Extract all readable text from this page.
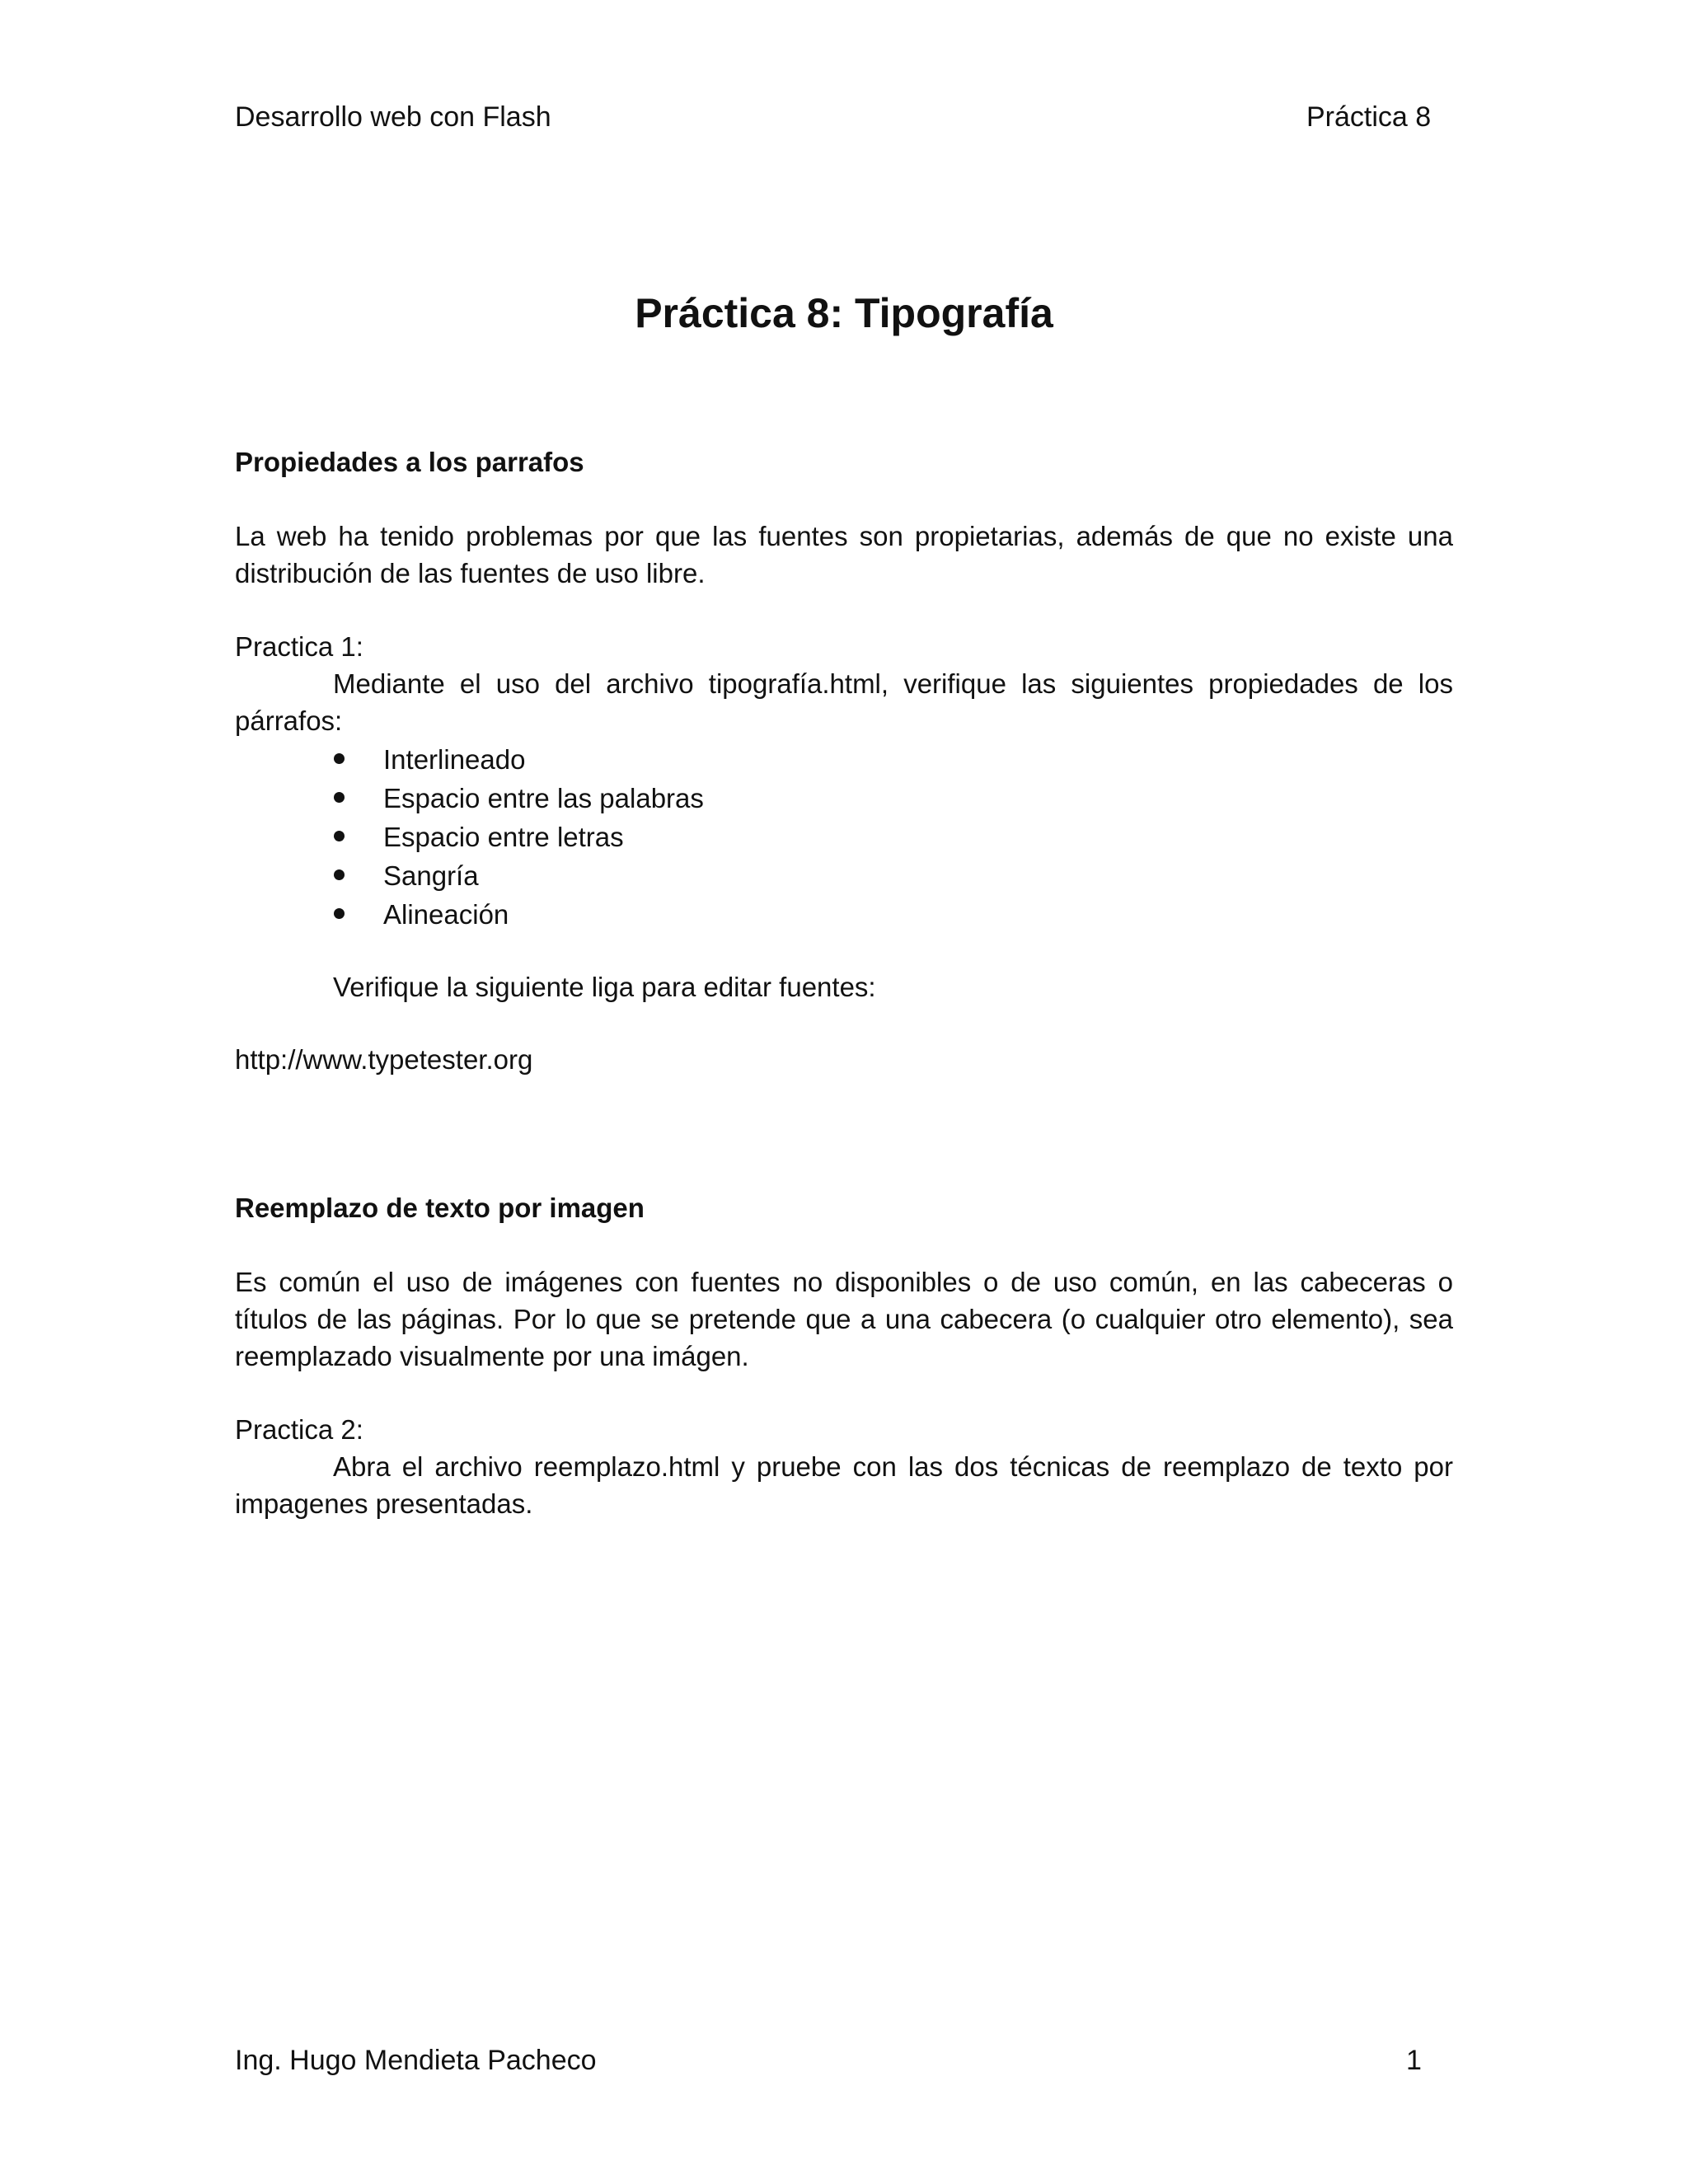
Desarrollo web con Flash	Práctica 8
Práctica 8: Tipografía
Propiedades a los parrafos
La web ha tenido problemas por que las fuentes son propietarias, además de que no existe una distribución de las fuentes de uso libre.
Practica 1:
Mediante el uso del archivo tipografía.html, verifique las siguientes propiedades de los párrafos:
Interlineado
Espacio entre las palabras
Espacio entre letras
Sangría
Alineación
Verifique la siguiente liga para editar fuentes:
http://www.typetester.org
Reemplazo de texto por imagen
Es común el uso de imágenes con fuentes no disponibles o de uso común, en las cabeceras o títulos de las páginas. Por lo que se pretende que a una cabecera (o cualquier otro elemento), sea reemplazado visualmente por una imágen.
Practica 2:
Abra el archivo reemplazo.html y pruebe con las dos técnicas de reemplazo de texto por impagenes presentadas.
Ing. Hugo Mendieta Pacheco	1
